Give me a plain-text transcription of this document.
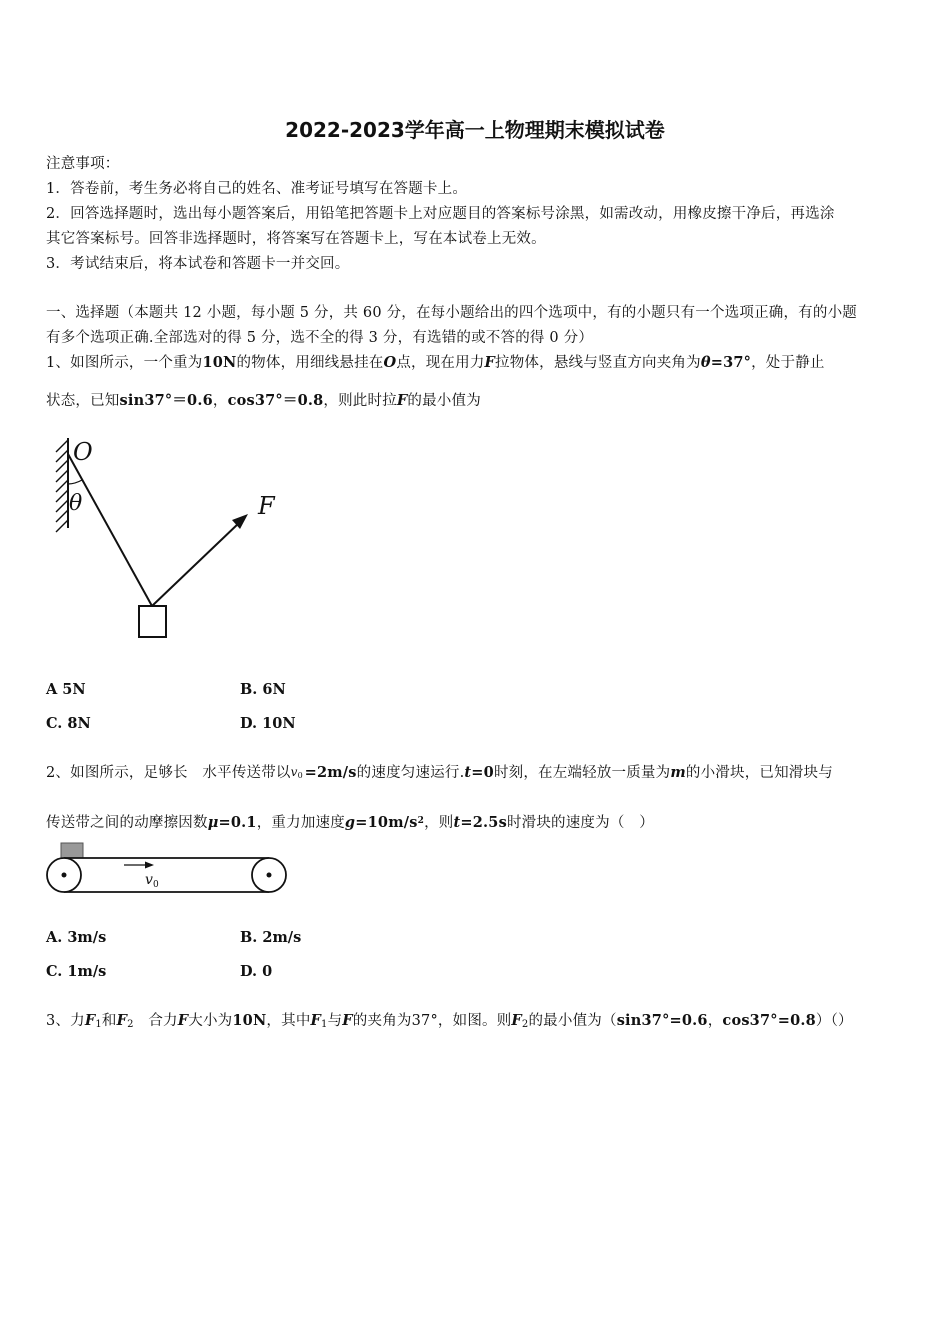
2022-2023学年高一上物理期末模拟试卷
注意事项：
1．答卷前，考生务必将自己的姓名、准考证号填写在答题卡上。
2．回答选择题时，选出每小题答案后，用铅笔把答题卡上对应题目的答案标号涂黑，如需改动，用橡皮擦干净后，再选涂
其它答案标号。回答非选择题时，将答案写在答题卡上，写在本试卷上无效。
3．考试结束后，将本试卷和答题卡一并交回。
一、选择题（本题共 12 小题，每小题 5 分，共 60 分，在每小题给出的四个选项中，有的小题只有一个选项正确，有的小题
有多个选项正确.全部选对的得 5 分，选不全的得 3 分，有选错的或不答的得 0 分）
1、如图所示，一个重为10N的物体，用细线悬挂在O点，现在用力F拉物体，悬线与竖直方向夹角为θ=37°，处于静止
状态，已知sin37°＝0.6，cos37°＝0.8，则此时拉F的最小值为
O
θ	F
A 5N	B. 6N
C. 8N	D. 10N
2、如图所示，足够长　水平传送带以 v 0 =2m/s的速度匀速运行.t=0时刻，在左端轻放一质量为m的小滑块，已知滑块与
传送带之间的动摩擦因数μ=0.1，重力加速度$g=10m/s^2$，则t=2.5s时滑块的速度为（　）
v 0
A. 3m/s	B. 2m/s
C. 1m/s	D. 0
3、力$F_1$和$F_2$　合力F大小为10N，其中$F_1$与F的夹角为37°，如图。则$F_2$的最小值为（sin37°=0.6，cos37°=0.8）（）
